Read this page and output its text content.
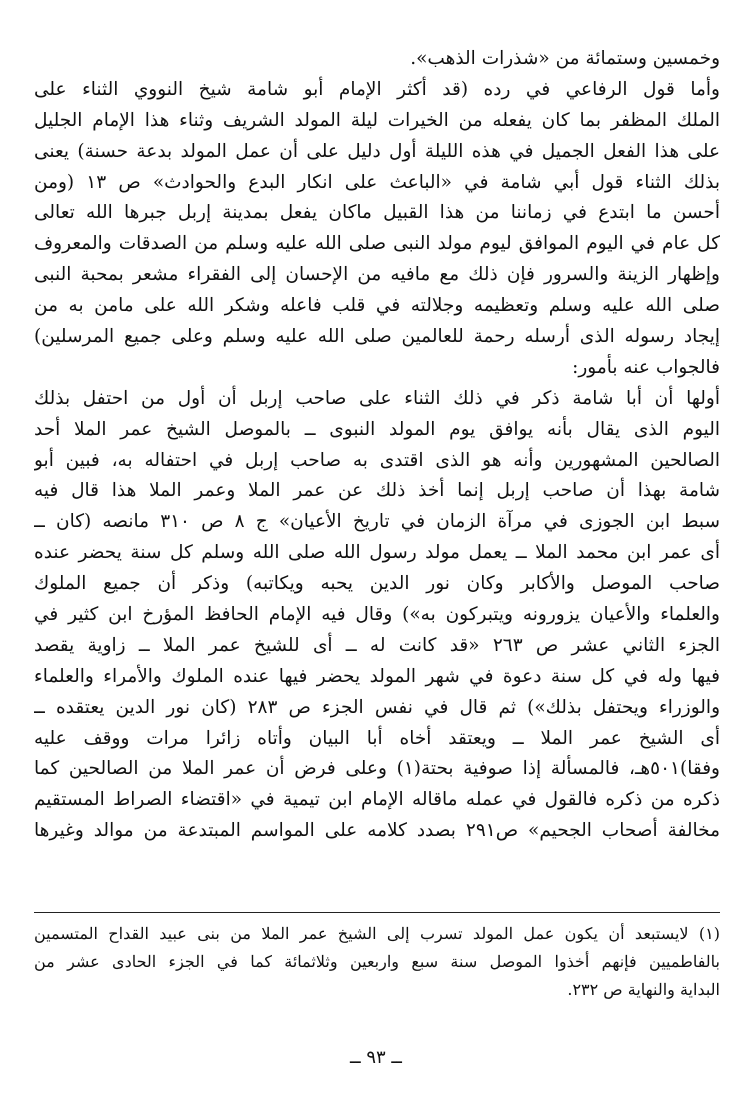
وخمسين وستمائة من «شذرات الذهب».
وأما قول الرفاعي في رده (قد أكثر الإمام أبو شامة شيخ النووي الثناء على
الملك المظفر بما كان يفعله من الخيرات ليلة المولد الشريف وثناء هذا الإمام الجليل
على هذا الفعل الجميل في هذه الليلة أول دليل على أن عمل المولد بدعة حسنة) يعنى
بذلك الثناء قول أبي شامة في «الباعث على انكار البدع والحوادث» ص ١٣ (ومن
أحسن ما ابتدع في زماننا من هذا القبيل ماكان يفعل بمدينة إربل جبرها الله تعالى
كل عام في اليوم الموافق ليوم مولد النبى صلى الله عليه وسلم من الصدقات والمعروف
وإظهار الزينة والسرور فإن ذلك مع مافيه من الإحسان إلى الفقراء مشعر بمحبة النبى
صلى الله عليه وسلم وتعظيمه وجلالته في قلب فاعله وشكر الله على مامن به من
إيجاد رسوله الذى أرسله رحمة للعالمين صلى الله عليه وسلم وعلى جميع المرسلين)
فالجواب عنه بأمور:
أولها أن أبا شامة ذكر في ذلك الثناء على صاحب إربل أن أول من احتفل بذلك
اليوم الذى يقال بأنه يوافق يوم المولد النبوى ــ بالموصل الشيخ عمر الملا أحد
الصالحين المشهورين وأنه هو الذى اقتدى به صاحب إربل في احتفاله به، فبين أبو
شامة بهذا أن صاحب إربل إنما أخذ ذلك عن عمر الملا وعمر الملا هذا قال فيه
سبط ابن الجوزى في مرآة الزمان في تاريخ الأعيان» ج ٨ ص ٣١٠ مانصه (كان ــ
أى عمر ابن محمد الملا ــ يعمل مولد رسول الله صلى الله وسلم كل سنة يحضر عنده
صاحب الموصل والأكابر وكان نور الدين يحبه ويكاتبه) وذكر أن جميع الملوك
والعلماء والأعيان يزورونه ويتبركون به») وقال فيه الإمام الحافظ المؤرخ ابن كثير في
الجزء الثاني عشر ص ٢٦٣ «قد كانت له ــ أى للشيخ عمر الملا ــ زاوية يقصد
فيها وله في كل سنة دعوة في شهر المولد يحضر فيها عنده الملوك والأمراء والعلماء
والوزراء ويحتفل بذلك») ثم قال في نفس الجزء ص ٢٨٣ (كان نور الدين يعتقده ــ
أى الشيخ عمر الملا ــ ويعتقد أخاه أبا البيان وأتاه زائرا مرات ووقف عليه
وفقا)٥٠١هـ، فالمسألة إذا صوفية بحتة(١) وعلى فرض أن عمر الملا من الصالحين كما
ذكره من ذكره فالقول في عمله ماقاله الإمام ابن تيمية في «اقتضاء الصراط المستقيم
مخالفة أصحاب الجحيم» ص٢٩١ بصدد كلامه على المواسم المبتدعة من موالد وغيرها
(١) لايستبعد أن يكون عمل المولد تسرب إلى الشيخ عمر الملا من بنى عبيد القداح المتسمين
بالفاطميين فإنهم أخذوا الموصل سنة سبع واربعين وثلاثمائة كما في الجزء الحادى عشر من
البداية والنهاية ص ٢٣٢.
ــ ٩٣ ــ
